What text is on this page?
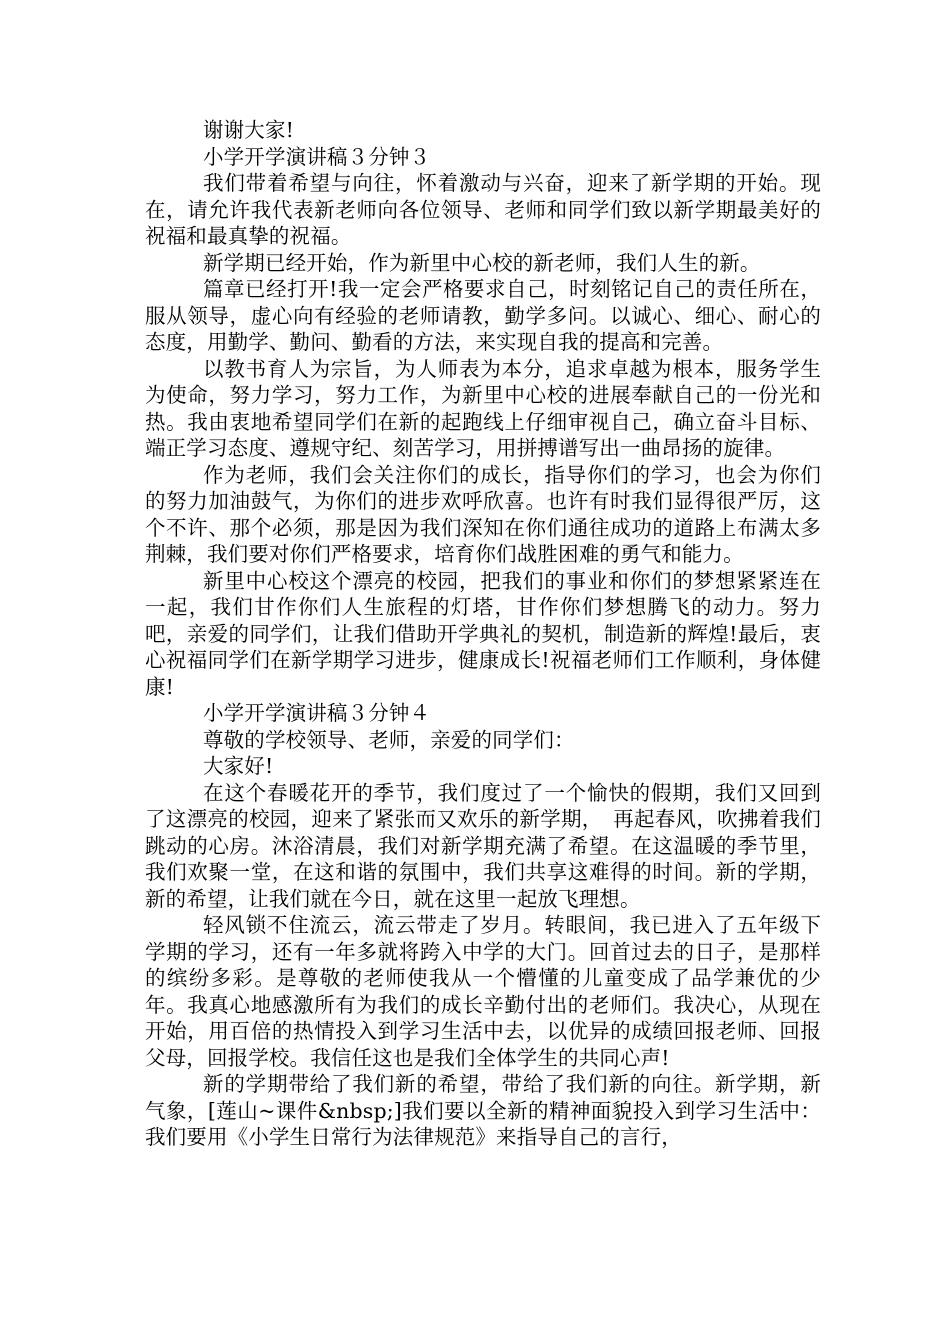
谢谢大家!

小学开学演讲稿３分钟３

我们带着希望与向往，怀着激动与兴奋，迎来了新学期的开始。现在，请允许我代表新老师向各位领导、老师和同学们致以新学期最美好的祝福和最真挚的祝福。

新学期已经开始，作为新里中心校的新老师，我们人生的新。

篇章已经打开!我一定会严格要求自己，时刻铭记自己的责任所在，服从领导，虚心向有经验的老师请教，勤学多问。以诚心、细心、耐心的态度，用勤学、勤问、勤看的方法，来实现自我的提高和完善。

以教书育人为宗旨，为人师表为本分，追求卓越为根本，服务学生为使命，努力学习，努力工作，为新里中心校的进展奉献自己的一份光和热。我由衷地希望同学们在新的起跑线上仔细审视自己，确立奋斗目标、端正学习态度、遵规守纪、刻苦学习，用拼搏谱写出一曲昂扬的旋律。

作为老师，我们会关注你们的成长，指导你们的学习，也会为你们的努力加油鼓气，为你们的进步欢呼欣喜。也许有时我们显得很严厉，这个不许、那个必须，那是因为我们深知在你们通往成功的道路上布满太多荆棘，我们要对你们严格要求，培育你们战胜困难的勇气和能力。

新里中心校这个漂亮的校园，把我们的事业和你们的梦想紧紧连在一起，我们甘作你们人生旅程的灯塔，甘作你们梦想腾飞的动力。努力吧，亲爱的同学们，让我们借助开学典礼的契机，制造新的辉煌!最后，衷心祝福同学们在新学期学习进步，健康成长!祝福老师们工作顺利，身体健康!

小学开学演讲稿３分钟４

尊敬的学校领导、老师，亲爱的同学们：

大家好!

在这个春暖花开的季节，我们度过了一个愉快的假期，我们又回到了这漂亮的校园，迎来了紧张而又欢乐的新学期，　再起春风，吹拂着我们跳动的心房。沐浴清晨，我们对新学期充满了希望。在这温暖的季节里，我们欢聚一堂，在这和谐的氛围中，我们共享这难得的时间。新的学期，新的希望，让我们就在今日，就在这里一起放飞理想。

轻风锁不住流云，流云带走了岁月。转眼间，我已进入了五年级下学期的学习，还有一年多就将跨入中学的大门。回首过去的日子，是那样的缤纷多彩。是尊敬的老师使我从一个懵懂的儿童变成了品学兼优的少年。我真心地感激所有为我们的成长辛勤付出的老师们。我决心，从现在开始，用百倍的热情投入到学习生活中去，以优异的成绩回报老师、回报父母，回报学校。我信任这也是我们全体学生的共同心声!

新的学期带给了我们新的希望，带给了我们新的向往。新学期，新气象，[莲山~课件&nbsp;]我们要以全新的精神面貌投入到学习生活中：我们要用《小学生日常行为法律规范》来指导自己的言行，
